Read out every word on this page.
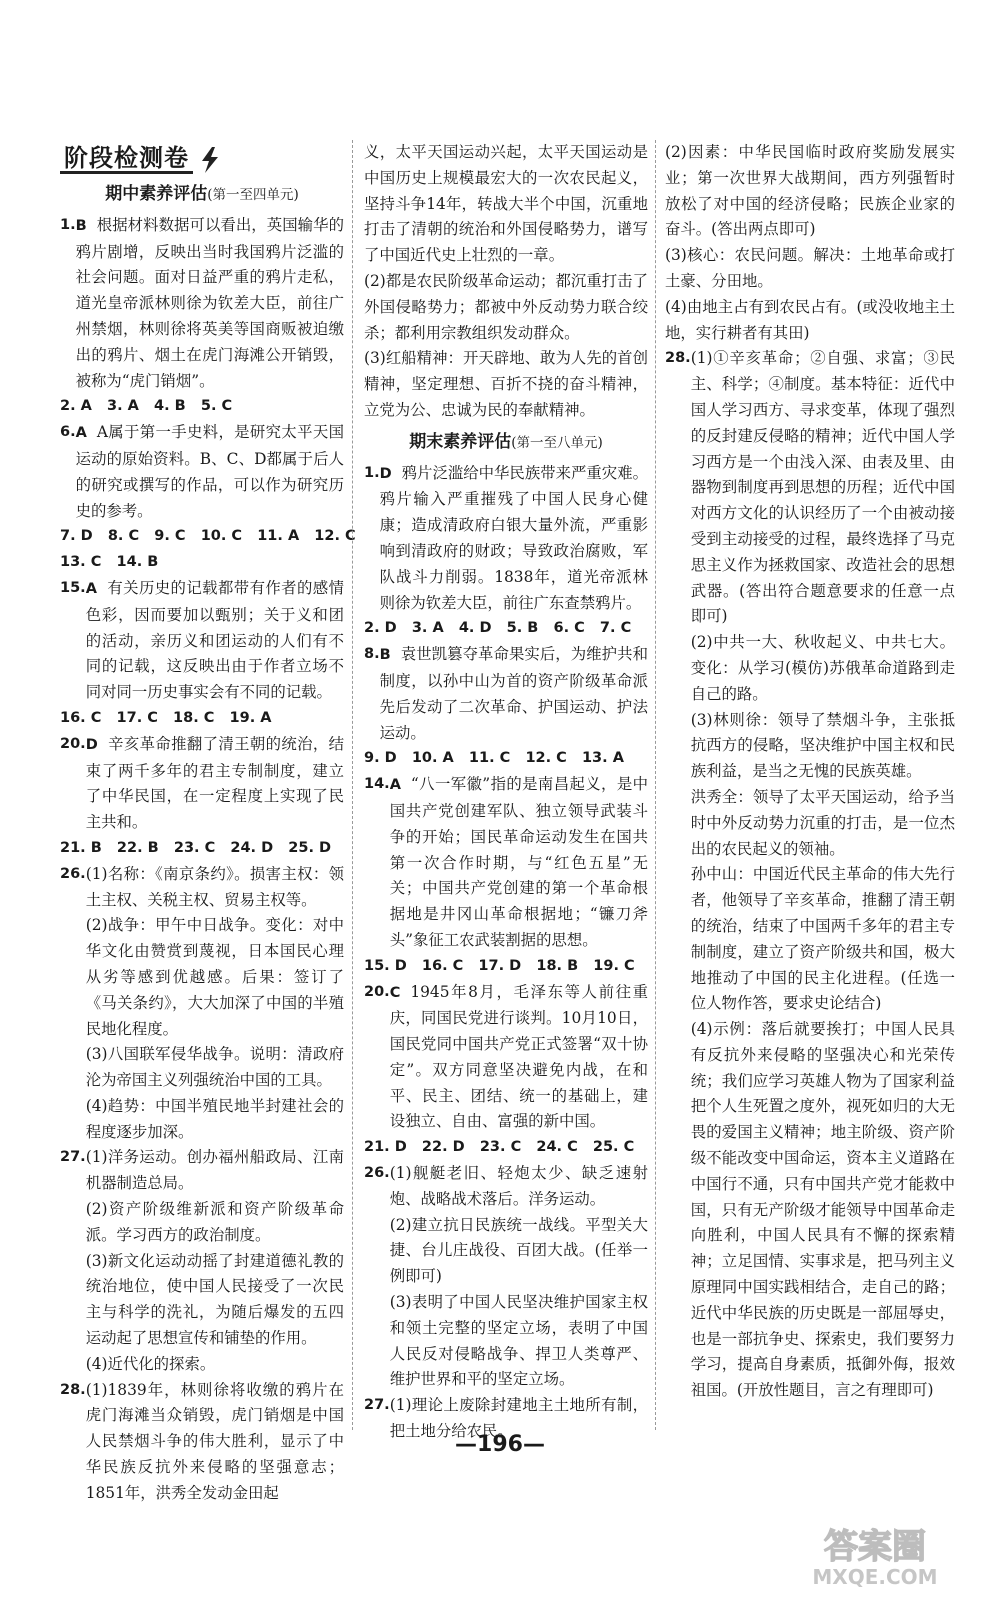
阶段检测卷
期中素养评估(第一至四单元)
1. B 根据材料数据可以看出，英国输华的鸦片剧增，反映出当时我国鸦片泛滥的社会问题。面对日益严重的鸦片走私，道光皇帝派林则徐为钦差大臣，前往广州禁烟，林则徐将英美等国商贩被迫缴出的鸦片、烟土在虎门海滩公开销毁，被称为“虎门销烟”。
2. A   3. A   4. B   5. C
6. A A属于第一手史料，是研究太平天国运动的原始资料。B、C、D都属于后人的研究或撰写的作品，可以作为研究历史的参考。
7. D   8. C   9. C   10. C   11. A   12. C
13. C   14. B
15. A 有关历史的记载都带有作者的感情色彩，因而要加以甄别；关于义和团的活动，亲历义和团运动的人们有不同的记载，这反映出由于作者立场不同对同一历史事实会有不同的记载。
16. C   17. C   18. C   19. A
20. D 辛亥革命推翻了清王朝的统治，结束了两千多年的君主专制制度，建立了中华民国，在一定程度上实现了民主共和。
21. B   22. B   23. C   24. D   25. D
26. (1)名称：《南京条约》。损害主权：领土主权、关税主权、贸易主权等。
(2)战争：甲午中日战争。变化：对中华文化由赞赏到蔑视，日本国民心理从劣等感到优越感。后果：签订了《马关条约》，大大加深了中国的半殖民地化程度。
(3)八国联军侵华战争。说明：清政府沦为帝国主义列强统治中国的工具。
(4)趋势：中国半殖民地半封建社会的程度逐步加深。
27. (1)洋务运动。创办福州船政局、江南机器制造总局。
(2)资产阶级维新派和资产阶级革命派。学习西方的政治制度。
(3)新文化运动动摇了封建道德礼教的统治地位，使中国人民接受了一次民主与科学的洗礼，为随后爆发的五四运动起了思想宣传和铺垫的作用。
(4)近代化的探索。
28. (1)1839年，林则徐将收缴的鸦片在虎门海滩当众销毁，虎门销烟是中国人民禁烟斗争的伟大胜利，显示了中华民族反抗外来侵略的坚强意志；1851年，洪秀全发动金田起
义，太平天国运动兴起，太平天国运动是中国历史上规模最宏大的一次农民起义，坚持斗争14年，转战大半个中国，沉重地打击了清朝的统治和外国侵略势力，谱写了中国近代史上壮烈的一章。
(2)都是农民阶级革命运动；都沉重打击了外国侵略势力；都被中外反动势力联合绞杀；都利用宗教组织发动群众。
(3)红船精神：开天辟地、敢为人先的首创精神，坚定理想、百折不挠的奋斗精神，立党为公、忠诚为民的奉献精神。
期末素养评估(第一至八单元)
1. D 鸦片泛滥给中华民族带来严重灾难。鸦片输入严重摧残了中国人民身心健康；造成清政府白银大量外流，严重影响到清政府的财政；导致政治腐败，军队战斗力削弱。1838年，道光帝派林则徐为钦差大臣，前往广东查禁鸦片。
2. D   3. A   4. D   5. B   6. C   7. C
8. B 袁世凯篡夺革命果实后，为维护共和制度，以孙中山为首的资产阶级革命派先后发动了二次革命、护国运动、护法运动。
9. D   10. A   11. C   12. C   13. A
14. A “八一军徽”指的是南昌起义，是中国共产党创建军队、独立领导武装斗争的开始；国民革命运动发生在国共第一次合作时期，与“红色五星”无关；中国共产党创建的第一个革命根据地是井冈山革命根据地；“镰刀斧头”象征工农武装割据的思想。
15. D   16. C   17. D   18. B   19. C
20. C 1945年8月，毛泽东等人前往重庆，同国民党进行谈判。10月10日，国民党同中国共产党正式签署“双十协定”。双方同意坚决避免内战，在和平、民主、团结、统一的基础上，建设独立、自由、富强的新中国。
21. D   22. D   23. C   24. C   25. C
26. (1)舰艇老旧、轻炮太少、缺乏速射炮、战略战术落后。洋务运动。
(2)建立抗日民族统一战线。平型关大捷、台儿庄战役、百团大战。(任举一例即可)
(3)表明了中国人民坚决维护国家主权和领土完整的坚定立场，表明了中国人民反对侵略战争、捍卫人类尊严、维护世界和平的坚定立场。
27. (1)理论上废除封建地主土地所有制，把土地分给农民。
(2)因素：中华民国临时政府奖励发展实业；第一次世界大战期间，西方列强暂时放松了对中国的经济侵略；民族企业家的奋斗。(答出两点即可)
(3)核心：农民问题。解决：土地革命或打土豪、分田地。
(4)由地主占有到农民占有。(或没收地主土地，实行耕者有其田)
28. (1)①辛亥革命；②自强、求富；③民主、科学；④制度。基本特征：近代中国人学习西方、寻求变革，体现了强烈的反封建反侵略的精神；近代中国人学习西方是一个由浅入深、由表及里、由器物到制度再到思想的历程；近代中国对西方文化的认识经历了一个由被动接受到主动接受的过程，最终选择了马克思主义作为拯救国家、改造社会的思想武器。(答出符合题意要求的任意一点即可)
(2)中共一大、秋收起义、中共七大。变化：从学习(模仿)苏俄革命道路到走自己的路。
(3)林则徐：领导了禁烟斗争，主张抵抗西方的侵略，坚决维护中国主权和民族利益，是当之无愧的民族英雄。
洪秀全：领导了太平天国运动，给予当时中外反动势力沉重的打击，是一位杰出的农民起义的领袖。
孙中山：中国近代民主革命的伟大先行者，他领导了辛亥革命，推翻了清王朝的统治，结束了中国两千多年的君主专制制度，建立了资产阶级共和国，极大地推动了中国的民主化进程。(任选一位人物作答，要求史论结合)
(4)示例：落后就要挨打；中国人民具有反抗外来侵略的坚强决心和光荣传统；我们应学习英雄人物为了国家利益把个人生死置之度外，视死如归的大无畏的爱国主义精神；地主阶级、资产阶级不能改变中国命运，资本主义道路在中国行不通，只有中国共产党才能救中国，只有无产阶级才能领导中国革命走向胜利，中国人民具有不懈的探索精神；立足国情、实事求是，把马列主义原理同中国实践相结合，走自己的路；近代中华民族的历史既是一部屈辱史，也是一部抗争史、探索史，我们要努力学习，提高自身素质，抵御外侮，报效祖国。(开放性题目，言之有理即可)
—196—
答案圈
MXQE.COM
